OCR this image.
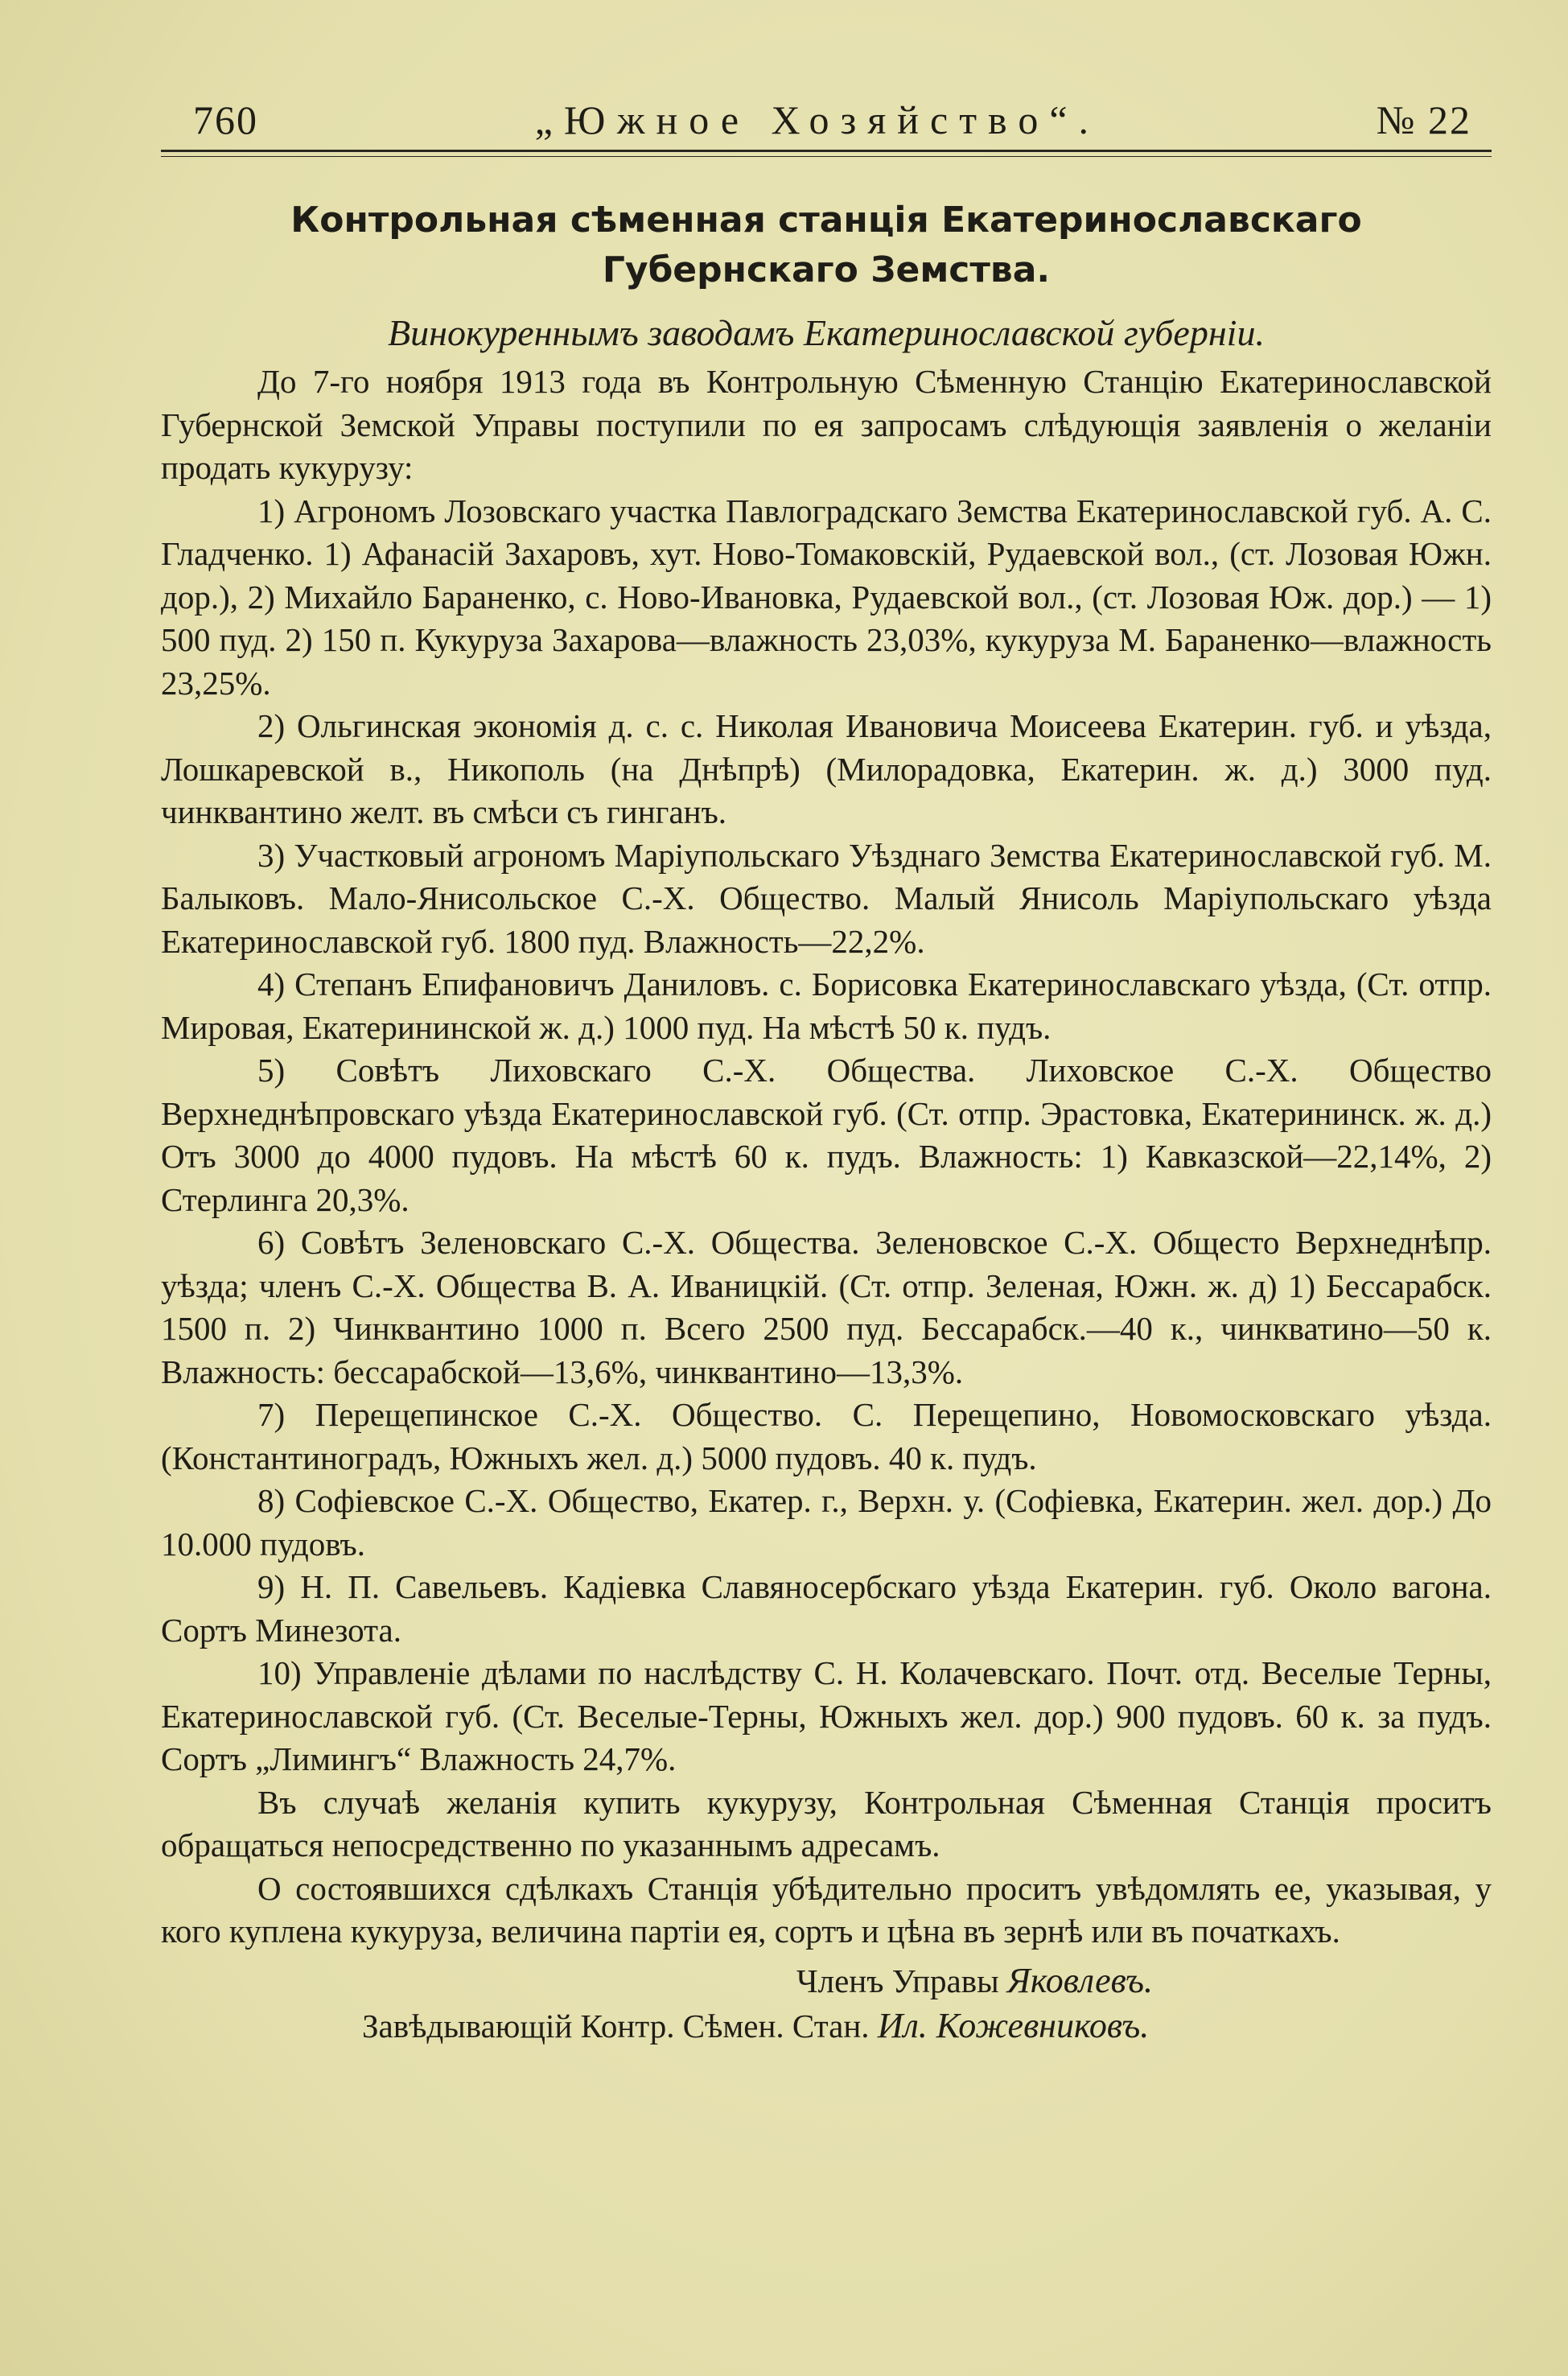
760	„Южное Хозяйство“.	№ 22
Контрольная сѣменная станція Екатеринославскаго Губернскаго Земства.
Винокуреннымъ заводамъ Екатеринославской губерніи.

До 7-го ноября 1913 года въ Контрольную Сѣменную Станцію Екатеринославской Губернской Земской Управы поступили по ея запросамъ слѣдующія заявленія о желаніи продать кукурузу:

1) Агрономъ Лозовскаго участка Павлоградскаго Земства Екатеринославской губ. А. С. Гладченко. 1) Афанасій Захаровъ, хут. Ново-Томаковскій, Рудаевской вол., (ст. Лозовая Южн. дор.), 2) Михайло Бараненко, с. Ново-Ивановка, Рудаевской вол., (ст. Лозовая Юж. дор.) — 1) 500 пуд. 2) 150 п. Кукуруза Захарова—влажность 23,03%, кукуруза М. Бараненко—влажность 23,25%.

2) Ольгинская экономія д. с. с. Николая Ивановича Моисеева Екатерин. губ. и уѣзда, Лошкаревской в., Никополь (на Днѣпрѣ) (Милорадовка, Екатерин. ж. д.) 3000 пуд. чинквантино желт. въ смѣси съ гинганъ.

3) Участковый агрономъ Маріупольскаго Уѣзднаго Земства Екатеринославской губ. М. Балыковъ. Мало-Янисольское С.-Х. Общество. Малый Янисоль Маріупольскаго уѣзда Екатеринославской губ. 1800 пуд. Влажность—22,2%.

4) Степанъ Епифановичъ Даниловъ. с. Борисовка Екатеринославскаго уѣзда, (Ст. отпр. Мировая, Екатерининской ж. д.) 1000 пуд. На мѣстѣ 50 к. пудъ.

5) Совѣтъ Лиховскаго С.-Х. Общества. Лиховское С.-Х. Общество Верхнеднѣпровскаго уѣзда Екатеринославской губ. (Ст. отпр. Эрастовка, Екатерининск. ж. д.) Отъ 3000 до 4000 пудовъ. На мѣстѣ 60 к. пудъ. Влажность: 1) Кавказской—22,14%, 2) Стерлинга 20,3%.

6) Совѣтъ Зеленовскаго С.-Х. Общества. Зеленовское С.-Х. Общесто Верхнеднѣпр. уѣзда; членъ С.-Х. Общества В. А. Иваницкій. (Ст. отпр. Зеленая, Южн. ж. д) 1) Бессарабск. 1500 п. 2) Чинквантино 1000 п. Всего 2500 пуд. Бессарабск.—40 к., чинкватино—50 к. Влажность: бессарабской—13,6%, чинквантино—13,3%.

7) Перещепинское С.-Х. Общество. С. Перещепино, Новомосковскаго уѣзда. (Константиноградъ, Южныхъ жел. д.) 5000 пудовъ. 40 к. пудъ.

8) Софіевское С.-Х. Общество, Екатер. г., Верхн. у. (Софіевка, Екатерин. жел. дор.) До 10.000 пудовъ.

9) Н. П. Савельевъ. Кадіевка Славяносербскаго уѣзда Екатерин. губ. Около вагона. Сортъ Минезота.

10) Управленіе дѣлами по наслѣдству С. Н. Колачевскаго. Почт. отд. Веселые Терны, Екатеринославской губ. (Ст. Веселые-Терны, Южныхъ жел. дор.) 900 пудовъ. 60 к. за пудъ. Сортъ „Лимингъ“ Влажность 24,7%.

Въ случаѣ желанія купить кукурузу, Контрольная Сѣменная Станція проситъ обращаться непосредственно по указаннымъ адресамъ.

О состоявшихся сдѣлкахъ Станція убѣдительно проситъ увѣдомлять ее, указывая, у кого куплена кукуруза, величина партіи ея, сортъ и цѣна въ зернѣ или въ початкахъ.

Членъ Управы Яковлевъ.
Завѣдывающій Контр. Сѣмен. Стан. Ил. Кожевниковъ.
